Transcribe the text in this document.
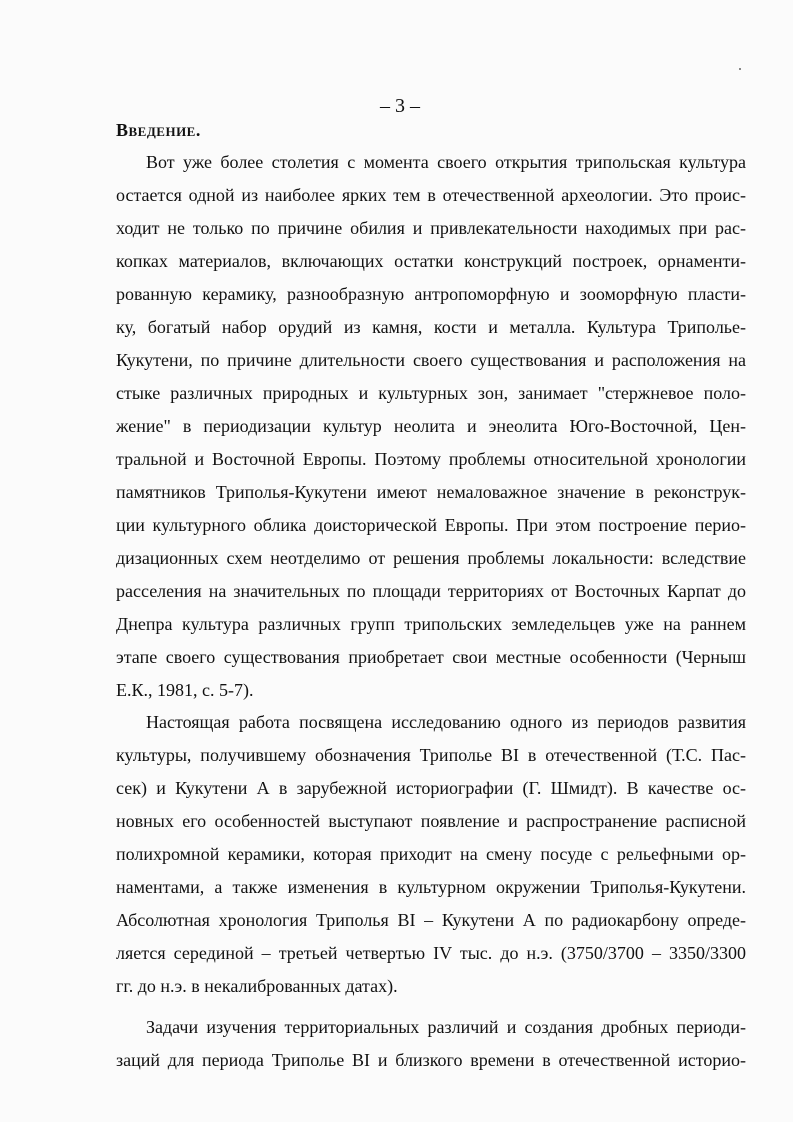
– 3 –
Введение.
Вот уже более столетия с момента своего открытия трипольская культура
остается одной из наиболее ярких тем в отечественной археологии. Это проис-
ходит не только по причине обилия и привлекательности находимых при рас-
копках материалов, включающих остатки конструкций построек, орнаменти-
рованную керамику, разнообразную антропоморфную и зооморфную пласти-
ку, богатый набор орудий из камня, кости и металла. Культура Триполье-
Кукутени, по причине длительности своего существования и расположения на
стыке различных природных и культурных зон, занимает "стержневое поло-
жение" в периодизации культур неолита и энеолита Юго-Восточной, Цен-
тральной и Восточной Европы. Поэтому проблемы относительной хронологии
памятников Триполья-Кукутени имеют немаловажное значение в реконструк-
ции культурного облика доисторической Европы. При этом построение перио-
дизационных схем неотделимо от решения проблемы локальности: вследствие
расселения на значительных по площади территориях от Восточных Карпат до
Днепра культура различных групп трипольских земледельцев уже на раннем
этапе своего существования приобретает свои местные особенности (Черныш
Е.К., 1981, с. 5-7).
Настоящая работа посвящена исследованию одного из периодов развития
культуры, получившему обозначения Триполье BI в отечественной (Т.С. Пас-
сек) и Кукутени А в зарубежной историографии (Г. Шмидт). В качестве ос-
новных его особенностей выступают появление и распространение расписной
полихромной керамики, которая приходит на смену посуде с рельефными ор-
наментами, а также изменения в культурном окружении Триполья-Кукутени.
Абсолютная хронология Триполья BI – Кукутени А по радиокарбону опреде-
ляется серединой – третьей четвертью IV тыс. до н.э. (3750/3700 – 3350/3300
гг. до н.э. в некалиброванных датах).
Задачи изучения территориальных различий и создания дробных периоди-
заций для периода Триполье BI и близкого времени в отечественной историо-
